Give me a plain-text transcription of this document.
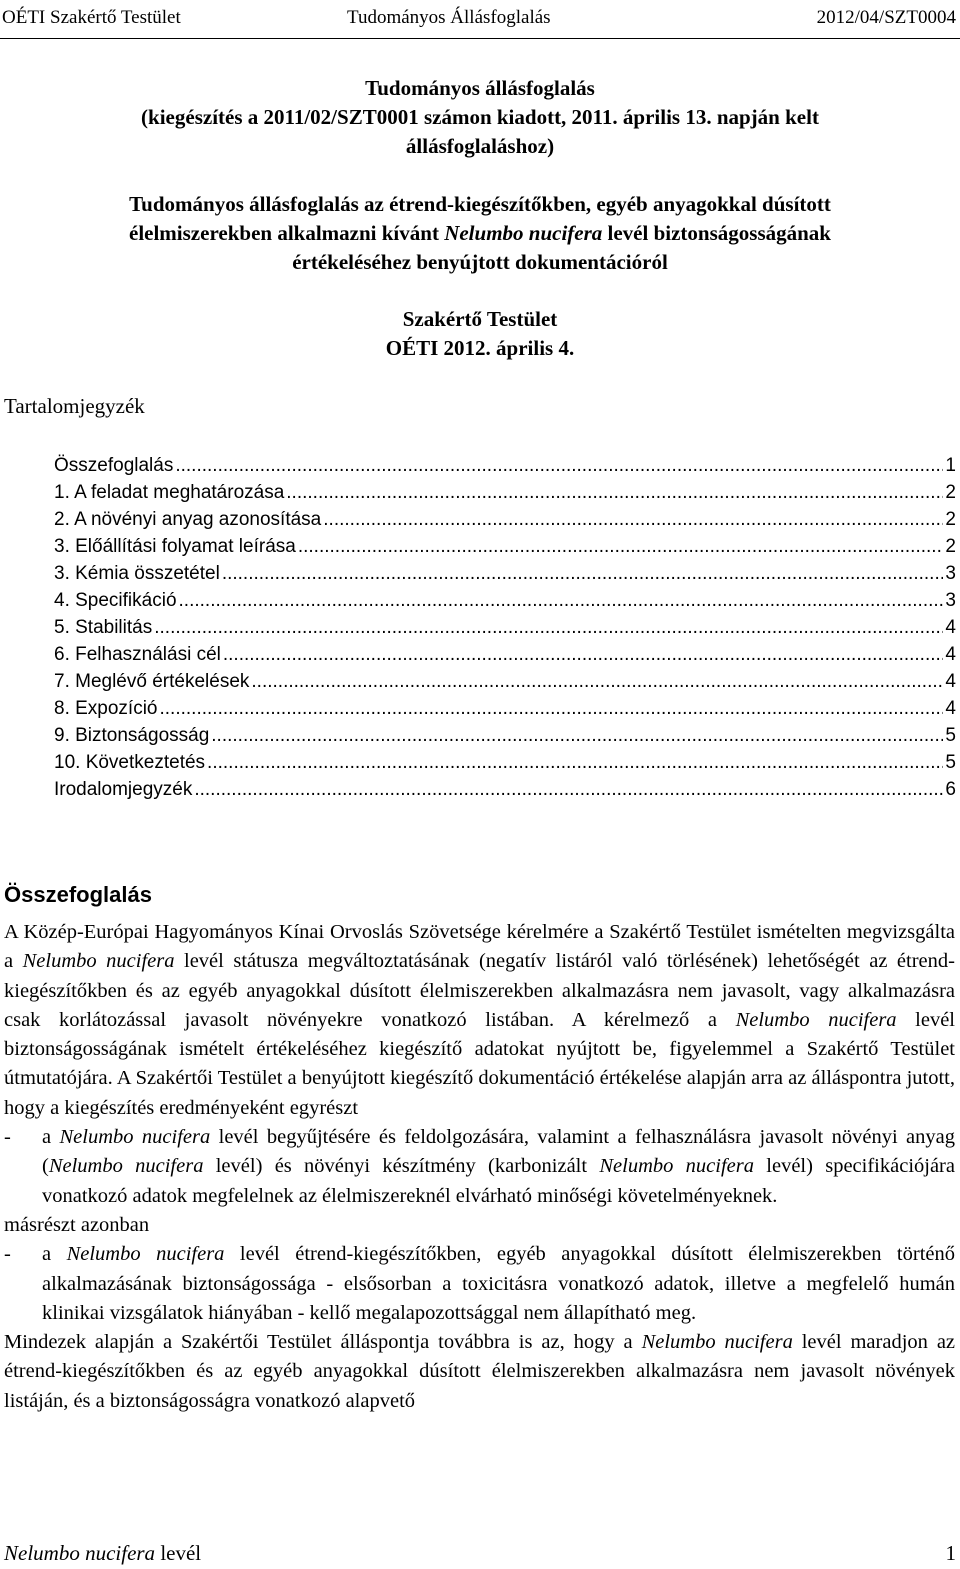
OÉTI Szakértő Testület	Tudományos Állásfoglalás	2012/04/SZT0004
Tudományos állásfoglalás
(kiegészítés a 2011/02/SZT0001 számon kiadott, 2011. április 13. napján kelt
állásfoglaláshoz)
Tudományos állásfoglalás az étrend-kiegészítőkben, egyéb anyagokkal dúsított
élelmiszerekben alkalmazni kívánt Nelumbo nucifera levél biztonságosságának
értékeléséhez benyújtott dokumentációról
Szakértő Testület
OÉTI 2012. április 4.
Tartalomjegyzék
Összefoglalás .....	1
1. A feladat meghatározása .....	2
2. A növényi anyag azonosítása .....	2
3. Előállítási folyamat leírása .....	2
3. Kémia összetétel .....	3
4. Specifikáció .....	3
5. Stabilitás .....	4
6. Felhasználási cél .....	4
7. Meglévő értékelések .....	4
8. Expozíció .....	4
9. Biztonságosság .....	5
10. Következtetés .....	5
Irodalomjegyzék .....	6
Összefoglalás

A Közép-Európai Hagyományos Kínai Orvoslás Szövetsége kérelmére a Szakértő Testület ismételten megvizsgálta a Nelumbo nucifera levél státusza megváltoztatásának (negatív listáról való törlésének) lehetőségét az étrend-kiegészítőkben és az egyéb anyagokkal dúsított élelmiszerekben alkalmazásra nem javasolt, vagy alkalmazásra csak korlátozással javasolt növényekre vonatkozó listában. A kérelmező a Nelumbo nucifera levél biztonságosságának ismételt értékeléséhez kiegészítő adatokat nyújtott be, figyelemmel a Szakértő Testület útmutatójára. A Szakértői Testület a benyújtott kiegészítő dokumentáció értékelése alapján arra az álláspontra jutott, hogy a kiegészítés eredményeként egyrészt

- a Nelumbo nucifera levél begyűjtésére és feldolgozására, valamint a felhasználásra javasolt növényi anyag (Nelumbo nucifera levél) és növényi készítmény (karbonizált Nelumbo nucifera levél) specifikációjára vonatkozó adatok megfelelnek az élelmiszereknél elvárható minőségi követelményeknek.

másrészt azonban

- a Nelumbo nucifera levél étrend-kiegészítőkben, egyéb anyagokkal dúsított élelmiszerekben történő alkalmazásának biztonságossága - elsősorban a toxicitásra vonatkozó adatok, illetve a megfelelő humán klinikai vizsgálatok hiányában - kellő megalapozottsággal nem állapítható meg.

Mindezek alapján a Szakértői Testület álláspontja továbbra is az, hogy a Nelumbo nucifera levél maradjon az étrend-kiegészítőkben és az egyéb anyagokkal dúsított élelmiszerekben alkalmazásra nem javasolt növények listáján, és a biztonságosságra vonatkozó alapvető

Nelumbo nucifera levél	1
